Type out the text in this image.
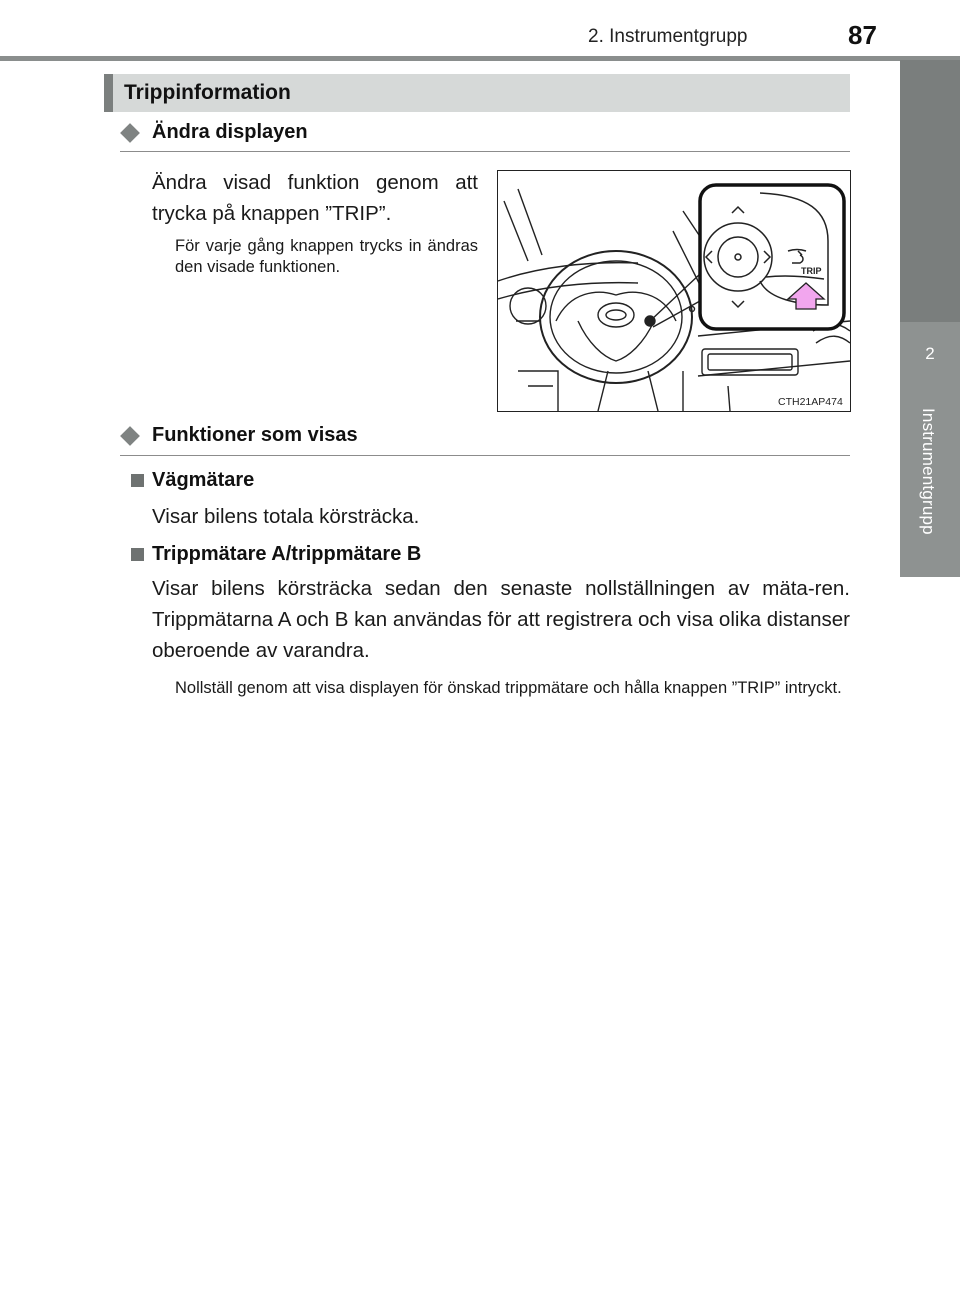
2. Instrumentgrupp	87
2
Instrumentgrupp
Trippinformation
Ändra displayen
Ändra visad funktion genom att trycka på knappen ”TRIP”.
För varje gång knappen trycks in ändras den visade funktionen.	TRIP
CTH21AP474
Funktioner som visas
Vägmätare
Visar bilens totala körsträcka.
Trippmätare A/trippmätare B
Visar bilens körsträcka sedan den senaste nollställningen av mäta-ren. Trippmätarna A och B kan användas för att registrera och visa olika distanser oberoende av varandra.
Nollställ genom att visa displayen för önskad trippmätare och hålla knappen ”TRIP” intryckt.
